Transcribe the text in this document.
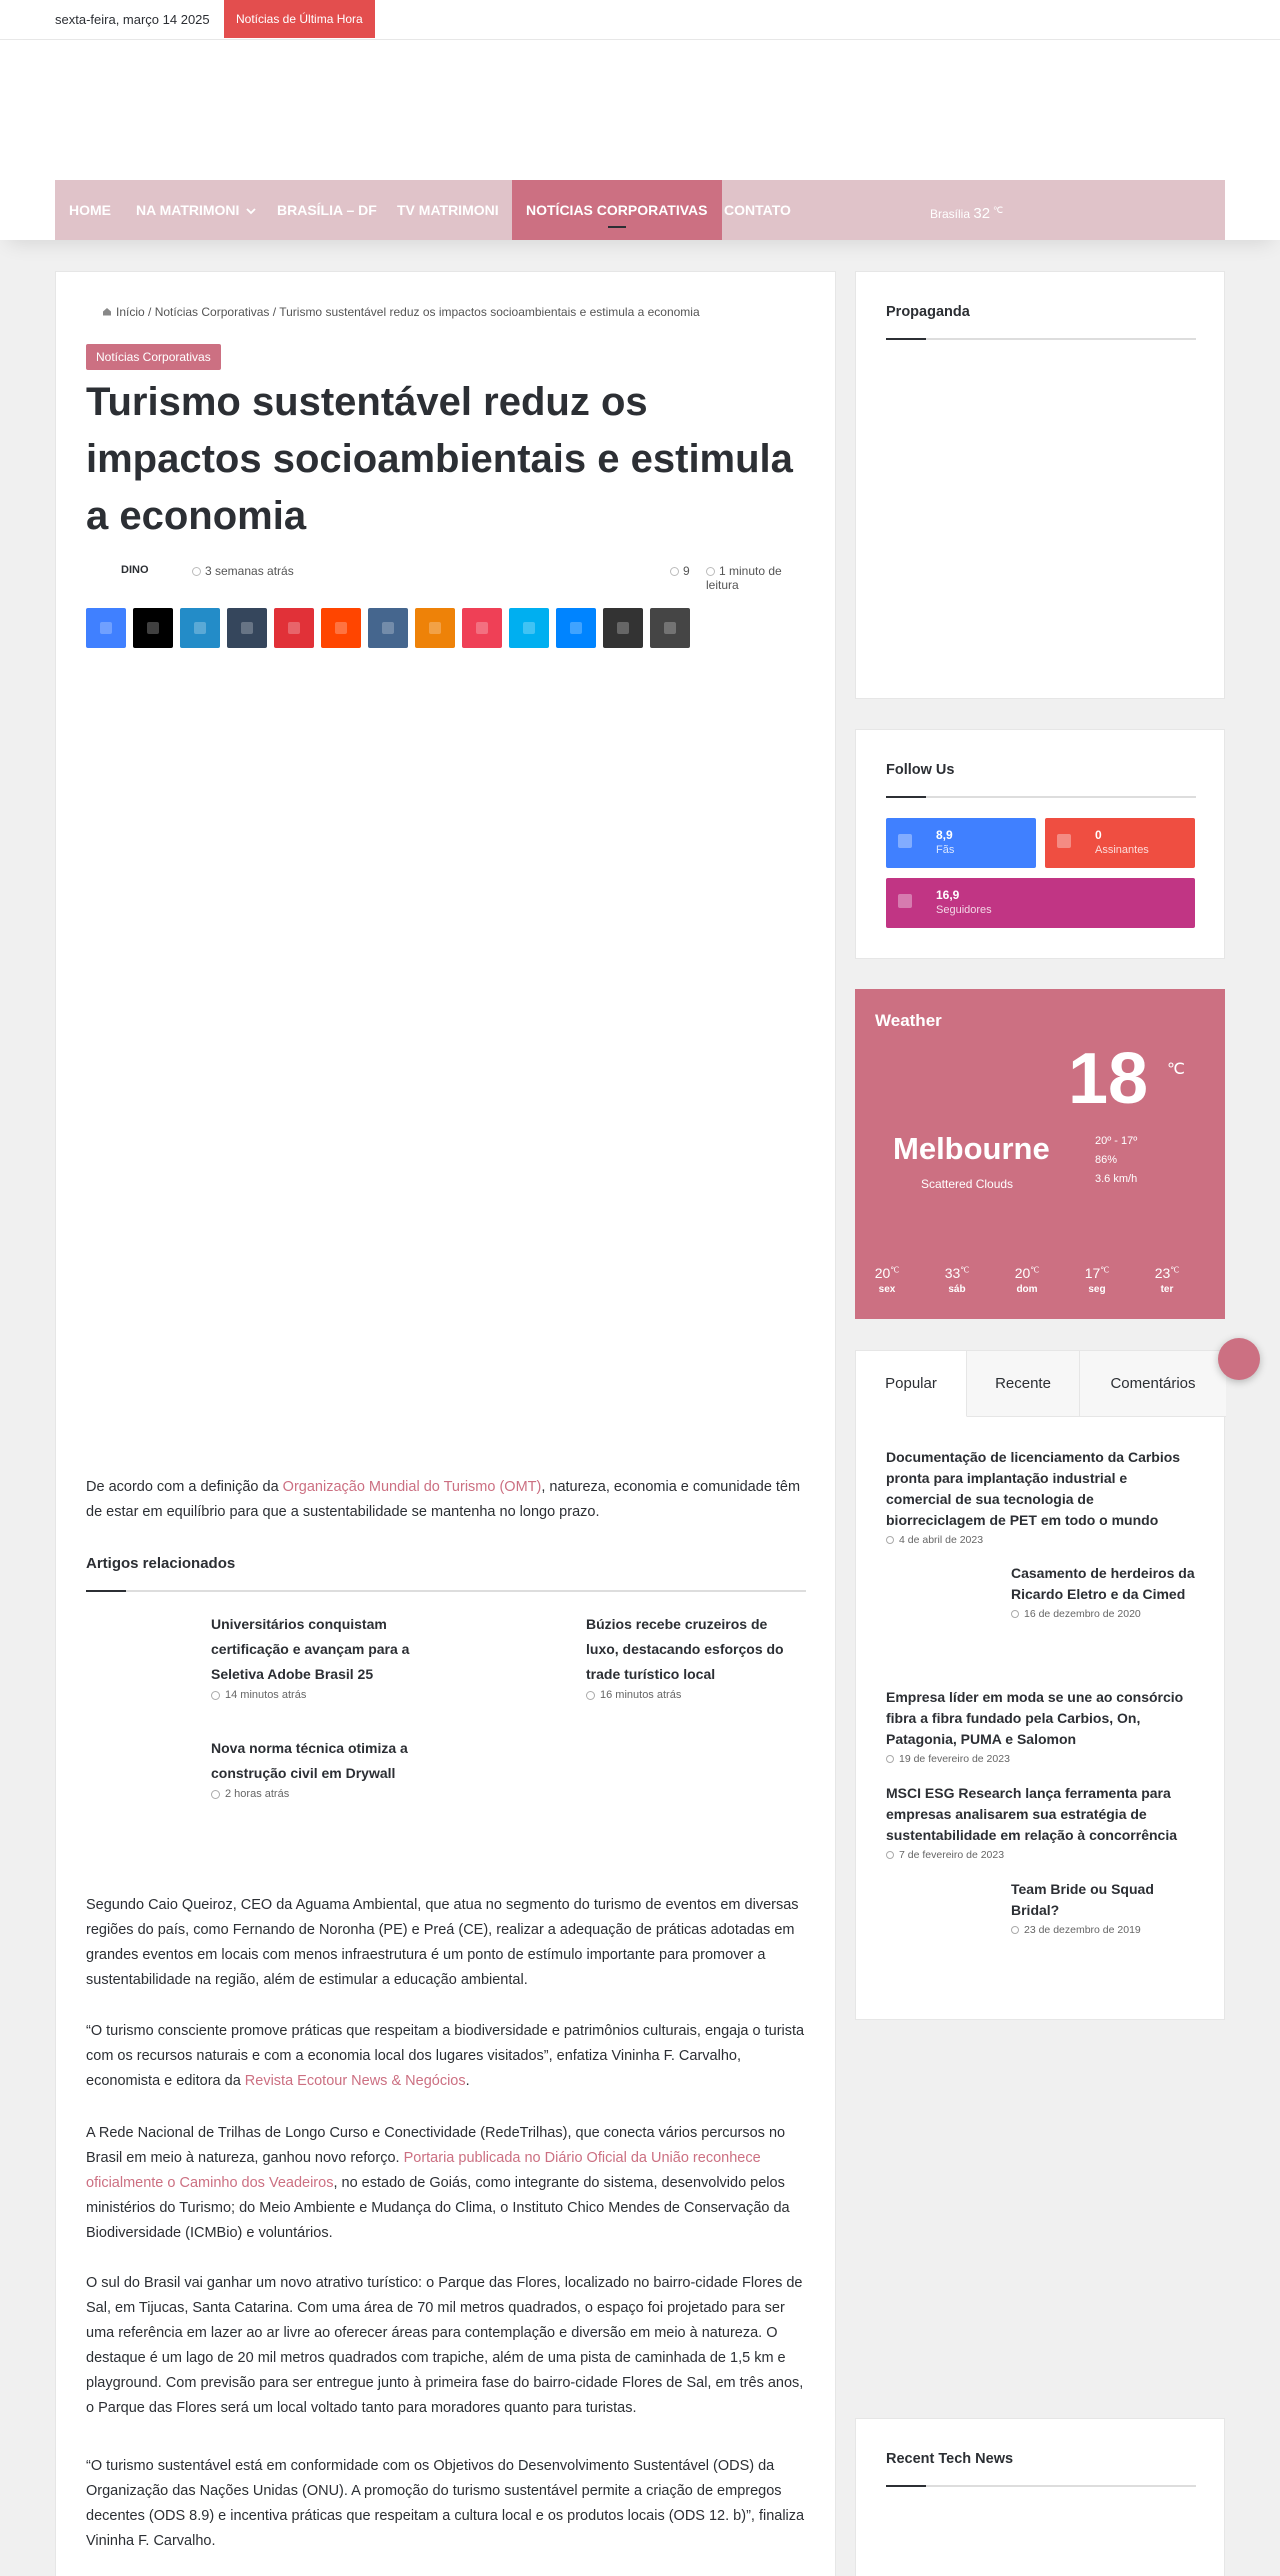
sexta-feira, março 14 2025	Notícias de Última Hora
HOME NA MATRIMONI	BRASÍLIA – DF TV MATRIMONI	NOTÍCIAS CORPORATIVAS	CONTATO	Brasília 32 ℃
Início / Notícias Corporativas / Turismo sustentável reduz os impactos socioambientais e estimula a economia
Notícias Corporativas
Turismo sustentável reduz os impactos socioambientais e estimula a economia
DINO	3 semanas atrás	9	1 minuto de leitura

De acordo com a definição da Organização Mundial do Turismo (OMT), natureza, economia e comunidade têm de estar em equilíbrio para que a sustentabilidade se mantenha no longo prazo.

Artigos relacionados
Universitários conquistam certificação e avançam para a Seletiva Adobe Brasil 25
14 minutos atrás
Búzios recebe cruzeiros de luxo, destacando esforços do trade turístico local
16 minutos atrás
Nova norma técnica otimiza a construção civil em Drywall
2 horas atrás

Segundo Caio Queiroz, CEO da Aguama Ambiental, que atua no segmento do turismo de eventos em diversas regiões do país, como Fernando de Noronha (PE) e Preá (CE), realizar a adequação de práticas adotadas em grandes eventos em locais com menos infraestrutura é um ponto de estímulo importante para promover a sustentabilidade na região, além de estimular a educação ambiental.

“O turismo consciente promove práticas que respeitam a biodiversidade e patrimônios culturais, engaja o turista com os recursos naturais e com a economia local dos lugares visitados”, enfatiza Vininha F. Carvalho, economista e editora da Revista Ecotour News & Negócios.

A Rede Nacional de Trilhas de Longo Curso e Conectividade (RedeTrilhas), que conecta vários percursos no Brasil em meio à natureza, ganhou novo reforço. Portaria publicada no Diário Oficial da União reconhece oficialmente o Caminho dos Veadeiros, no estado de Goiás, como integrante do sistema, desenvolvido pelos ministérios do Turismo; do Meio Ambiente e Mudança do Clima, o Instituto Chico Mendes de Conservação da Biodiversidade (ICMBio) e voluntários.

O sul do Brasil vai ganhar um novo atrativo turístico: o Parque das Flores, localizado no bairro-cidade Flores de Sal, em Tijucas, Santa Catarina. Com uma área de 70 mil metros quadrados, o espaço foi projetado para ser uma referência em lazer ao ar livre ao oferecer áreas para contemplação e diversão em meio à natureza. O destaque é um lago de 20 mil metros quadrados com trapiche, além de uma pista de caminhada de 1,5 km e playground. Com previsão para ser entregue junto à primeira fase do bairro-cidade Flores de Sal, em três anos, o Parque das Flores será um local voltado tanto para moradores quanto para turistas.

“O turismo sustentável está em conformidade com os Objetivos do Desenvolvimento Sustentável (ODS) da Organização das Nações Unidas (ONU). A promoção do turismo sustentável permite a criação de empregos decentes (ODS 8.9) e incentiva práticas que respeitam a cultura local e os produtos locais (ODS 12. b)”, finaliza Vininha F. Carvalho.

Propaganda
Follow Us
8,9
Fãs
0
Assinantes
16,9
Seguidores
Weather
18 ℃
Melbourne
Scattered Clouds
20º - 17º
86%
3.6 km/h
20℃
sex
33℃
sáb
20℃
dom
17℃
seg
23℃
ter
Popular	Recente	Comentários
Documentação de licenciamento da Carbios pronta para implantação industrial e comercial de sua tecnologia de biorreciclagem de PET em todo o mundo
4 de abril de 2023
Casamento de herdeiros da Ricardo Eletro e da Cimed
16 de dezembro de 2020
Empresa líder em moda se une ao consórcio fibra a fibra fundado pela Carbios, On, Patagonia, PUMA e Salomon
19 de fevereiro de 2023
MSCI ESG Research lança ferramenta para empresas analisarem sua estratégia de sustentabilidade em relação à concorrência
7 de fevereiro de 2023
Team Bride ou Squad Bridal?
23 de dezembro de 2019
Recent Tech News
